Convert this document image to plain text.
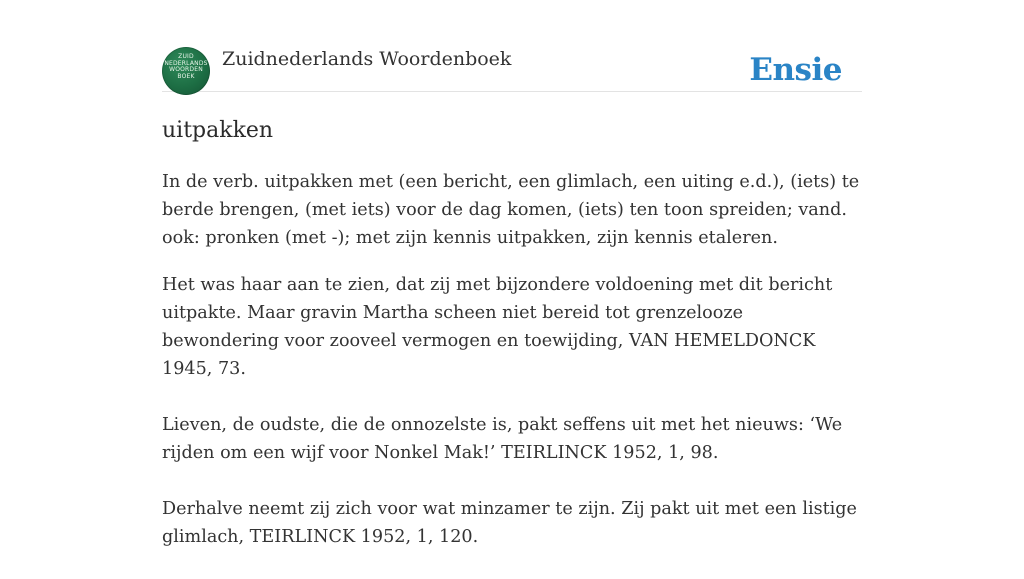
ZUID
NEDERLANDS
WOORDEN
BOEK
Zuidnederlands Woordenboek	Ensie
uitpakken

In de verb. uitpakken met (een bericht, een glimlach, een uiting e.d.), (iets) te berde brengen, (met iets) voor de dag komen, (iets) ten toon spreiden; vand. ook: pronken (met -); met zijn kennis uitpakken, zijn kennis etaleren.

Het was haar aan te zien, dat zij met bijzondere voldoening met dit bericht uitpakte. Maar gravin Martha scheen niet bereid tot grenzelooze bewondering voor zooveel vermogen en toewijding, VAN HEMELDONCK 1945, 73.

Lieven, de oudste, die de onnozelste is, pakt seffens uit met het nieuws: ‘We rijden om een wijf voor Nonkel Mak!’ TEIRLINCK 1952, 1, 98.

Derhalve neemt zij zich voor wat minzamer te zijn. Zij pakt uit met een listige glimlach, TEIRLINCK 1952, 1, 120.
